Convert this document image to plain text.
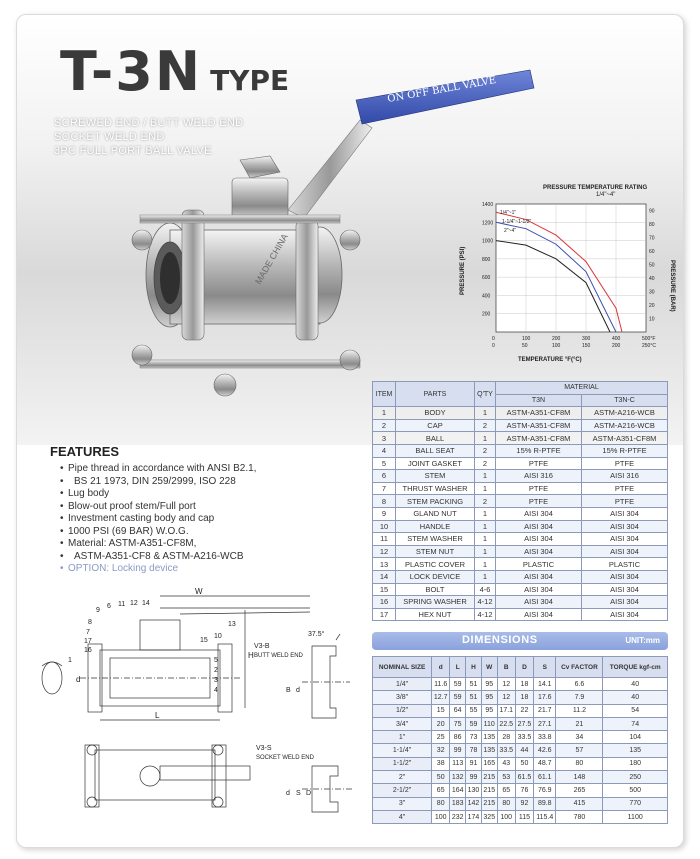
T-3N TYPE
SCREWED END / BUTT WELD END
SOCKET WELD END
3PC FULL PORT BALL VALVE
ON OFF BALL VALVE
MADE CHINA
PRESSURE TEMPERATURE RATING
1/4"~4"
PRESSURE (PSI)	PRESSURE (BAR)
TEMPERATURE °F(°C)
0	100	200	300	400	500°F
0	50	100	150	200	250°C
200
400
600
800
1000
1200
1400
10
20
30
40
50
60
70
80
90
1/4"~1"
1-1/4"~1-1/2"
2"~4"
FEATURES
• Pipe thread in accordance with ANSI B2.1,
• BS 21 1973, DIN 259/2999, ISO 228
• Lug body
• Blow-out proof stem/Full port
• Investment casting body and cap
• 1000 PSI (69 BAR) W.O.G.
• Material: ASTM-A351-CF8M,
• ASTM-A351-CF8 & ASTM-A216-WCB
• OPTION: Locking device
9
6 11 12 14
8
7
17
16
1
13
10
15
5
2
3
4
W
H
L
d
V3-B
BUTT WELD END
37.5°
B d
V3-S
SOCKET WELD END
d S D
ITEM	PARTS	Q'TY	MATERIAL	
			T3N	T3N-C
1	BODY	1	ASTM-A351-CF8M	ASTM-A216-WCB
2	CAP	2	ASTM-A351-CF8M	ASTM-A216-WCB
3	BALL	1	ASTM-A351-CF8M	ASTM-A351-CF8M
4	BALL SEAT	2	15% R-PTFE	15% R-PTFE
5	JOINT GASKET	2	PTFE	PTFE
6	STEM	1	AISI 316	AISI 316
7	THRUST WASHER	1	PTFE	PTFE
8	STEM PACKING	2	PTFE	PTFE
9	GLAND NUT	1	AISI 304	AISI 304
10	HANDLE	1	AISI 304	AISI 304
11	STEM WASHER	1	AISI 304	AISI 304
12	STEM NUT	1	AISI 304	AISI 304
13	PLASTIC COVER	1	PLASTIC	PLASTIC
14	LOCK DEVICE	1	AISI 304	AISI 304
15	BOLT	4-6	AISI 304	AISI 304
16	SPRING WASHER	4-12	AISI 304	AISI 304
17	HEX NUT	4-12	AISI 304	AISI 304
DIMENSIONS	UNIT:mm
NOMINAL SIZE	d	L	H	W	B	D	S	Cv FACTOR	TORQUE kgf-cm
1/4"	11.6	59	51	95	12	18	14.1	6.6	40
3/8"	12.7	59	51	95	12	18	17.6	7.9	40
1/2"	15	64	55	95	17.1	22	21.7	11.2	54
3/4"	20	75	59	110	22.5	27.5	27.1	21	74
1"	25	86	73	135	28	33.5	33.8	34	104
1-1/4"	32	99	78	135	33.5	44	42.6	57	135
1-1/2"	38	113	91	165	43	50	48.7	80	180
2"	50	132	99	215	53	61.5	61.1	148	250
2-1/2"	65	164	130	215	65	76	76.9	265	500
3"	80	183	142	215	80	92	89.8	415	770
4"	100	232	174	325	100	115	115.4	780	1100
